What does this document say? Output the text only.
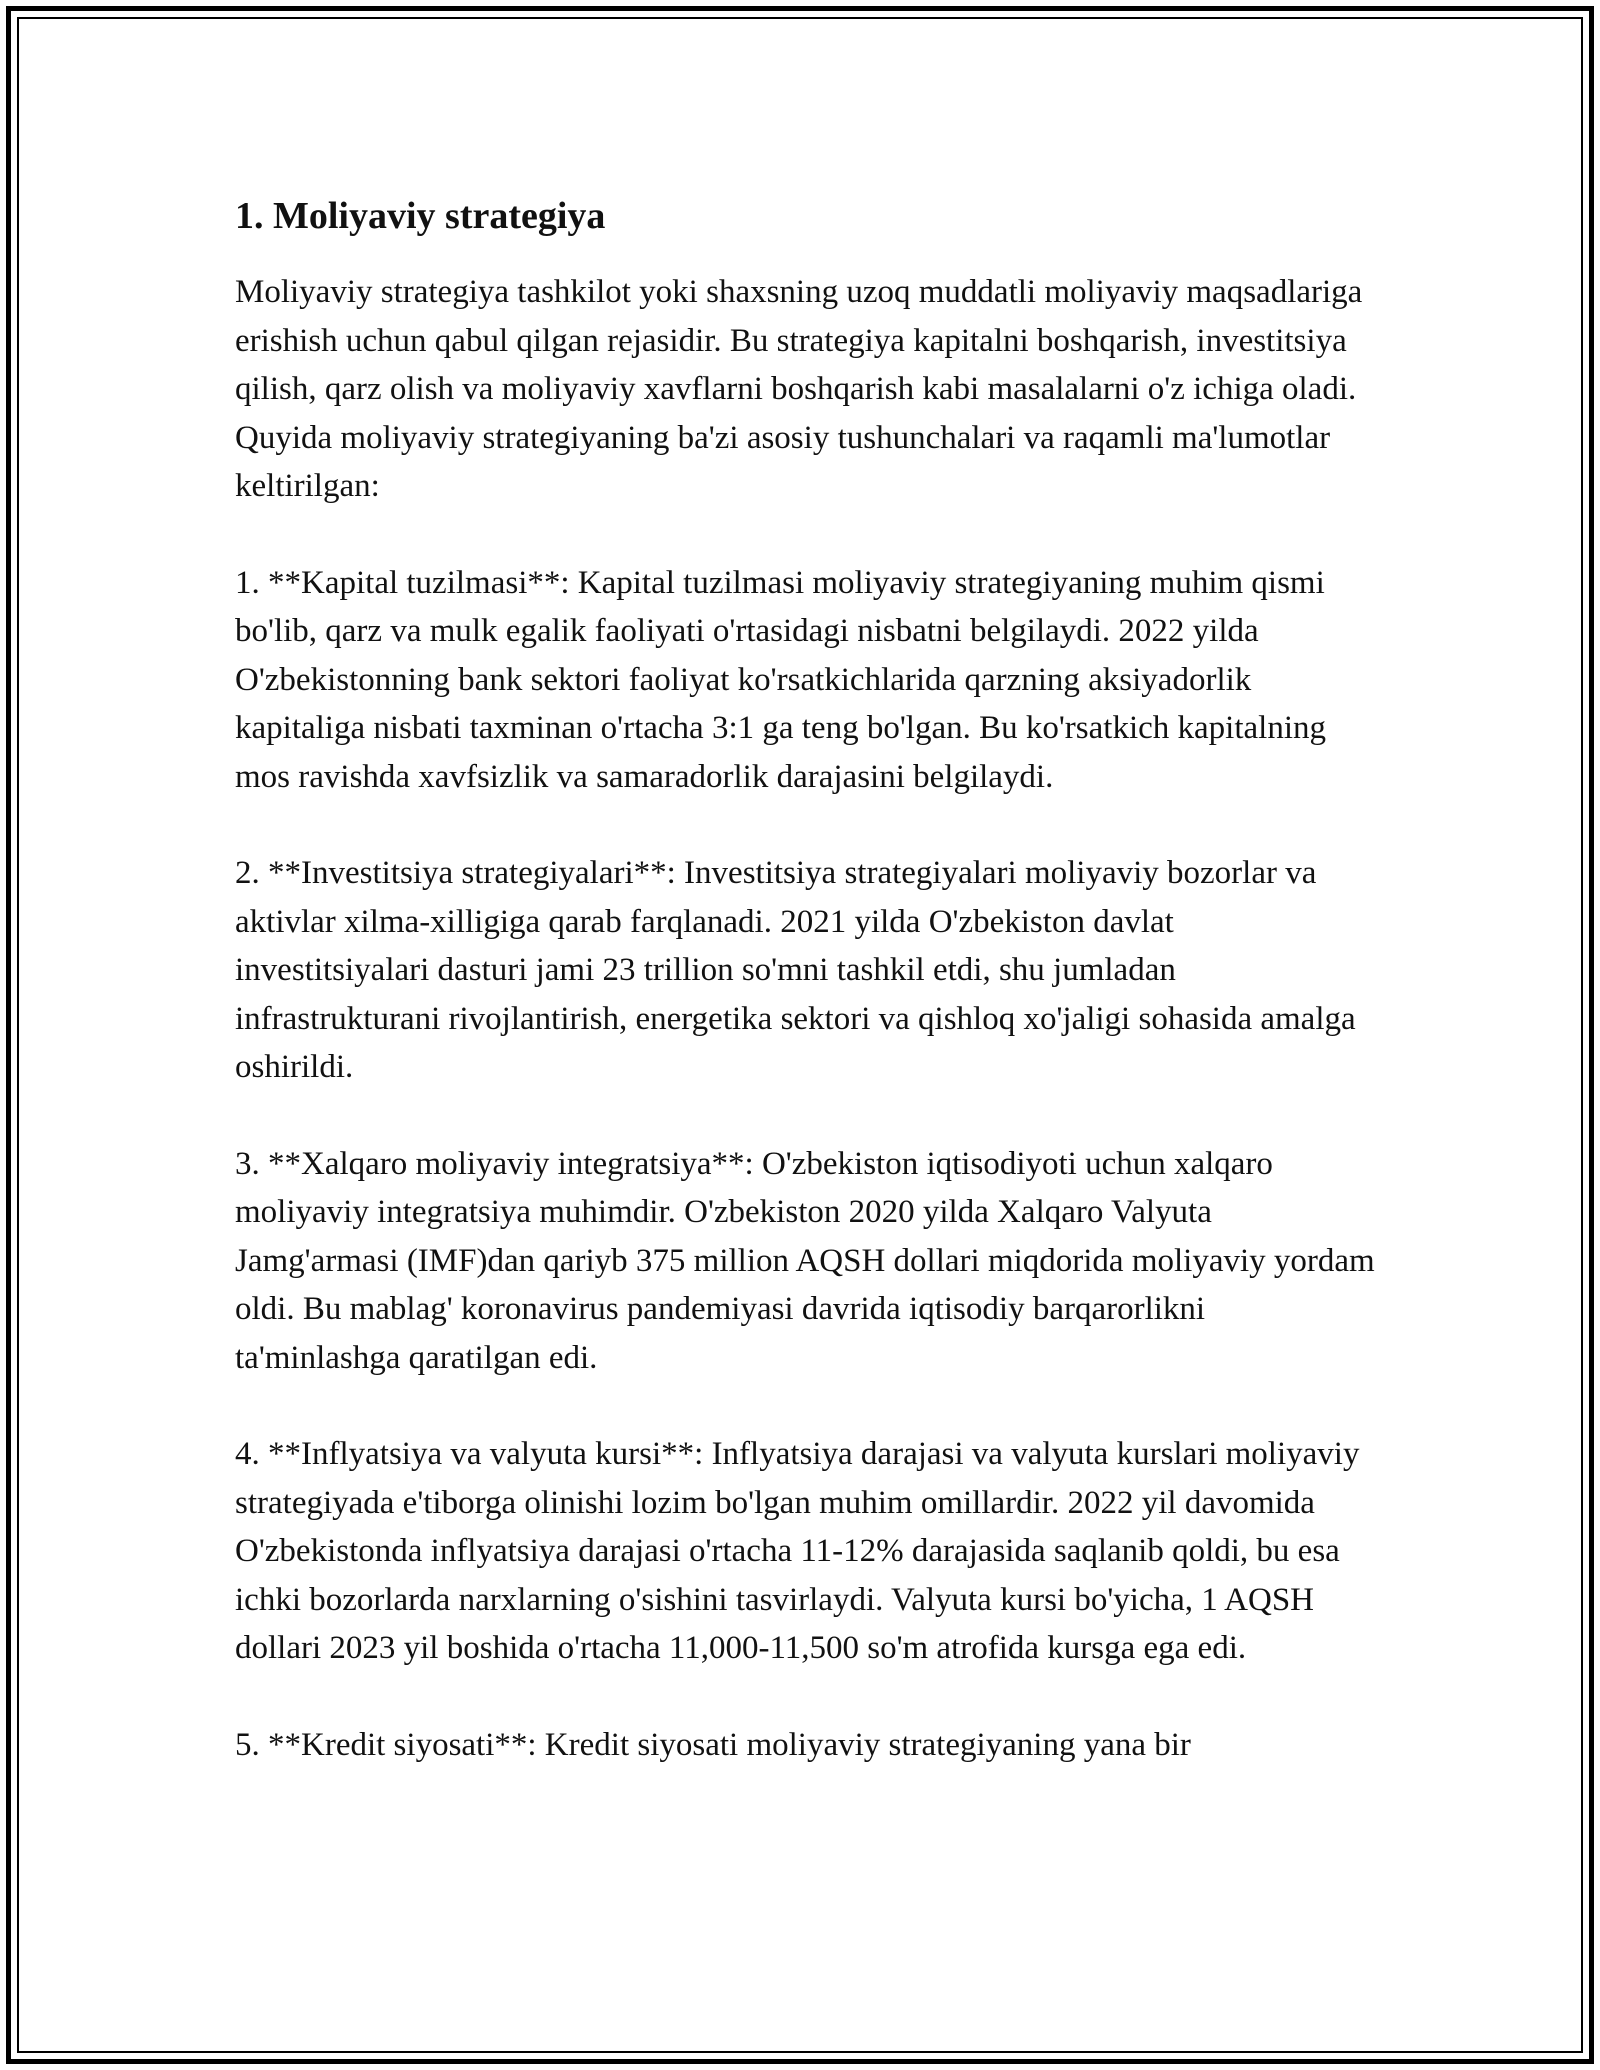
1. Moliyaviy strategiya

Moliyaviy strategiya tashkilot yoki shaxsning uzoq muddatli moliyaviy maqsadlariga erishish uchun qabul qilgan rejasidir. Bu strategiya kapitalni boshqarish, investitsiya qilish, qarz olish va moliyaviy xavflarni boshqarish kabi masalalarni o'z ichiga oladi. Quyida moliyaviy strategiyaning ba'zi asosiy tushunchalari va raqamli ma'lumotlar keltirilgan:

1. **Kapital tuzilmasi**: Kapital tuzilmasi moliyaviy strategiyaning muhim qismi bo'lib, qarz va mulk egalik faoliyati o'rtasidagi nisbatni belgilaydi. 2022 yilda O'zbekistonning bank sektori faoliyat ko'rsatkichlarida qarzning aksiyadorlik kapitaliga nisbati taxminan o'rtacha 3:1 ga teng bo'lgan. Bu ko'rsatkich kapitalning mos ravishda xavfsizlik va samaradorlik darajasini belgilaydi.

2. **Investitsiya strategiyalari**: Investitsiya strategiyalari moliyaviy bozorlar va aktivlar xilma-xilligiga qarab farqlanadi. 2021 yilda O'zbekiston davlat investitsiyalari dasturi jami 23 trillion so'mni tashkil etdi, shu jumladan infrastrukturani rivojlantirish, energetika sektori va qishloq xo'jaligi sohasida amalga oshirildi.

3. **Xalqaro moliyaviy integratsiya**: O'zbekiston iqtisodiyoti uchun xalqaro moliyaviy integratsiya muhimdir. O'zbekiston 2020 yilda Xalqaro Valyuta Jamg'armasi (IMF)dan qariyb 375 million AQSH dollari miqdorida moliyaviy yordam oldi. Bu mablag' koronavirus pandemiyasi davrida iqtisodiy barqarorlikni ta'minlashga qaratilgan edi.

4. **Inflyatsiya va valyuta kursi**: Inflyatsiya darajasi va valyuta kurslari moliyaviy strategiyada e'tiborga olinishi lozim bo'lgan muhim omillardir. 2022 yil davomida O'zbekistonda inflyatsiya darajasi o'rtacha 11-12% darajasida saqlanib qoldi, bu esa ichki bozorlarda narxlarning o'sishini tasvirlaydi. Valyuta kursi bo'yicha, 1 AQSH dollari 2023 yil boshida o'rtacha 11,000-11,500 so'm atrofida kursga ega edi.

5. **Kredit siyosati**: Kredit siyosati moliyaviy strategiyaning yana bir
